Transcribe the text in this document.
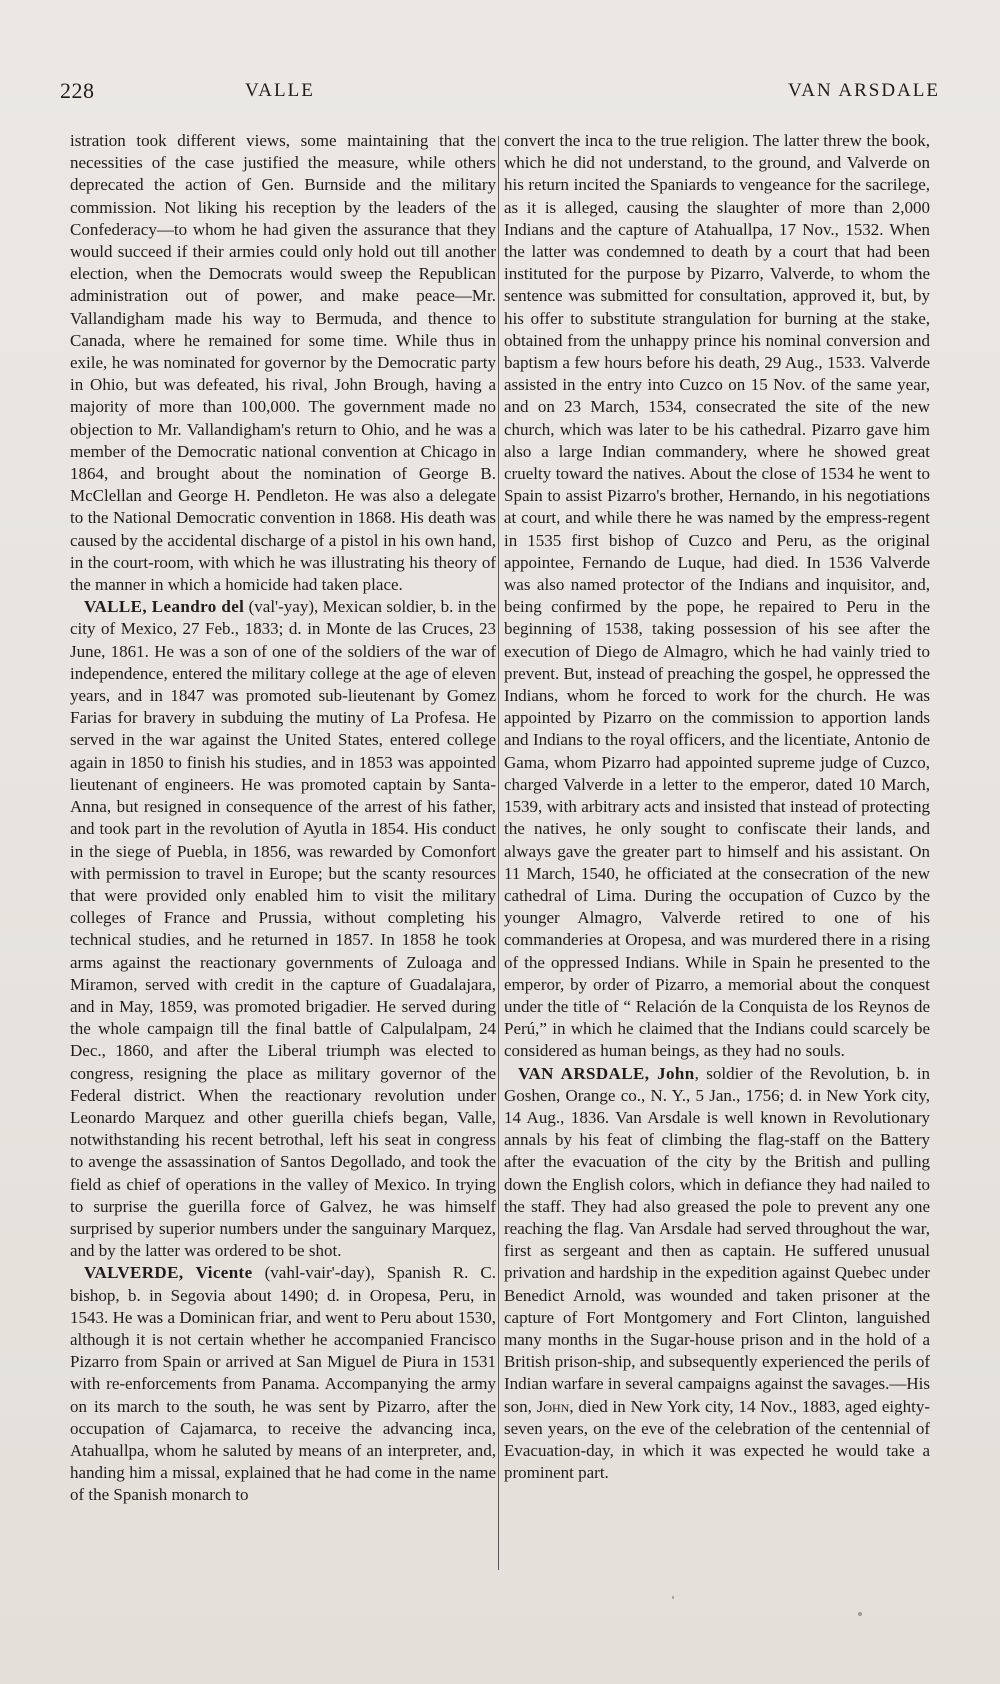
228	VALLE	VAN ARSDALE

istration took different views, some maintaining that the necessities of the case justified the measure, while others deprecated the action of Gen. Burnside and the military commission. Not liking his reception by the leaders of the Confederacy—to whom he had given the assurance that they would succeed if their armies could only hold out till another election, when the Democrats would sweep the Republican administration out of power, and make peace—Mr. Vallandigham made his way to Bermuda, and thence to Canada, where he remained for some time. While thus in exile, he was nominated for governor by the Democratic party in Ohio, but was defeated, his rival, John Brough, having a majority of more than 100,000. The government made no objection to Mr. Vallandigham's return to Ohio, and he was a member of the Democratic national convention at Chicago in 1864, and brought about the nomination of George B. McClellan and George H. Pendleton. He was also a delegate to the National Democratic convention in 1868. His death was caused by the accidental discharge of a pistol in his own hand, in the court-room, with which he was illustrating his theory of the manner in which a homicide had taken place.

VALLE, Leandro del (val'-yay), Mexican soldier, b. in the city of Mexico, 27 Feb., 1833; d. in Monte de las Cruces, 23 June, 1861. He was a son of one of the soldiers of the war of independence, entered the military college at the age of eleven years, and in 1847 was promoted sub-lieutenant by Gomez Farias for bravery in subduing the mutiny of La Profesa. He served in the war against the United States, entered college again in 1850 to finish his studies, and in 1853 was appointed lieutenant of engineers. He was promoted captain by Santa-Anna, but resigned in consequence of the arrest of his father, and took part in the revolution of Ayutla in 1854. His conduct in the siege of Puebla, in 1856, was rewarded by Comonfort with permission to travel in Europe; but the scanty resources that were provided only enabled him to visit the military colleges of France and Prussia, without completing his technical studies, and he returned in 1857. In 1858 he took arms against the reactionary governments of Zuloaga and Miramon, served with credit in the capture of Guadalajara, and in May, 1859, was promoted brigadier. He served during the whole campaign till the final battle of Calpulalpam, 24 Dec., 1860, and after the Liberal triumph was elected to congress, resigning the place as military governor of the Federal district. When the reactionary revolution under Leonardo Marquez and other guerilla chiefs began, Valle, notwithstanding his recent betrothal, left his seat in congress to avenge the assassination of Santos Degollado, and took the field as chief of operations in the valley of Mexico. In trying to surprise the guerilla force of Galvez, he was himself surprised by superior numbers under the sanguinary Marquez, and by the latter was ordered to be shot.

VALVERDE, Vicente (vahl-vair'-day), Spanish R. C. bishop, b. in Segovia about 1490; d. in Oropesa, Peru, in 1543. He was a Dominican friar, and went to Peru about 1530, although it is not certain whether he accompanied Francisco Pizarro from Spain or arrived at San Miguel de Piura in 1531 with re-enforcements from Panama. Accompanying the army on its march to the south, he was sent by Pizarro, after the occupation of Cajamarca, to receive the advancing inca, Atahuallpa, whom he saluted by means of an interpreter, and, handing him a missal, explained that he had come in the name of the Spanish monarch to

convert the inca to the true religion. The latter threw the book, which he did not understand, to the ground, and Valverde on his return incited the Spaniards to vengeance for the sacrilege, as it is alleged, causing the slaughter of more than 2,000 Indians and the capture of Atahuallpa, 17 Nov., 1532. When the latter was condemned to death by a court that had been instituted for the purpose by Pizarro, Valverde, to whom the sentence was submitted for consultation, approved it, but, by his offer to substitute strangulation for burning at the stake, obtained from the unhappy prince his nominal conversion and baptism a few hours before his death, 29 Aug., 1533. Valverde assisted in the entry into Cuzco on 15 Nov. of the same year, and on 23 March, 1534, consecrated the site of the new church, which was later to be his cathedral. Pizarro gave him also a large Indian commandery, where he showed great cruelty toward the natives. About the close of 1534 he went to Spain to assist Pizarro's brother, Hernando, in his negotiations at court, and while there he was named by the empress-regent in 1535 first bishop of Cuzco and Peru, as the original appointee, Fernando de Luque, had died. In 1536 Valverde was also named protector of the Indians and inquisitor, and, being confirmed by the pope, he repaired to Peru in the beginning of 1538, taking possession of his see after the execution of Diego de Almagro, which he had vainly tried to prevent. But, instead of preaching the gospel, he oppressed the Indians, whom he forced to work for the church. He was appointed by Pizarro on the commission to apportion lands and Indians to the royal officers, and the licentiate, Antonio de Gama, whom Pizarro had appointed supreme judge of Cuzco, charged Valverde in a letter to the emperor, dated 10 March, 1539, with arbitrary acts and insisted that instead of protecting the natives, he only sought to confiscate their lands, and always gave the greater part to himself and his assistant. On 11 March, 1540, he officiated at the consecration of the new cathedral of Lima. During the occupation of Cuzco by the younger Almagro, Valverde retired to one of his commanderies at Oropesa, and was murdered there in a rising of the oppressed Indians. While in Spain he presented to the emperor, by order of Pizarro, a memorial about the conquest under the title of “ Relación de la Conquista de los Reynos de Perú,” in which he claimed that the Indians could scarcely be considered as human beings, as they had no souls.

VAN ARSDALE, John, soldier of the Revolution, b. in Goshen, Orange co., N. Y., 5 Jan., 1756; d. in New York city, 14 Aug., 1836. Van Arsdale is well known in Revolutionary annals by his feat of climbing the flag-staff on the Battery after the evacuation of the city by the British and pulling down the English colors, which in defiance they had nailed to the staff. They had also greased the pole to prevent any one reaching the flag. Van Arsdale had served throughout the war, first as sergeant and then as captain. He suffered unusual privation and hardship in the expedition against Quebec under Benedict Arnold, was wounded and taken prisoner at the capture of Fort Montgomery and Fort Clinton, languished many months in the Sugar-house prison and in the hold of a British prison-ship, and subsequently experienced the perils of Indian warfare in several campaigns against the savages.—His son, John, died in New York city, 14 Nov., 1883, aged eighty-seven years, on the eve of the celebration of the centennial of Evacuation-day, in which it was expected he would take a prominent part.
